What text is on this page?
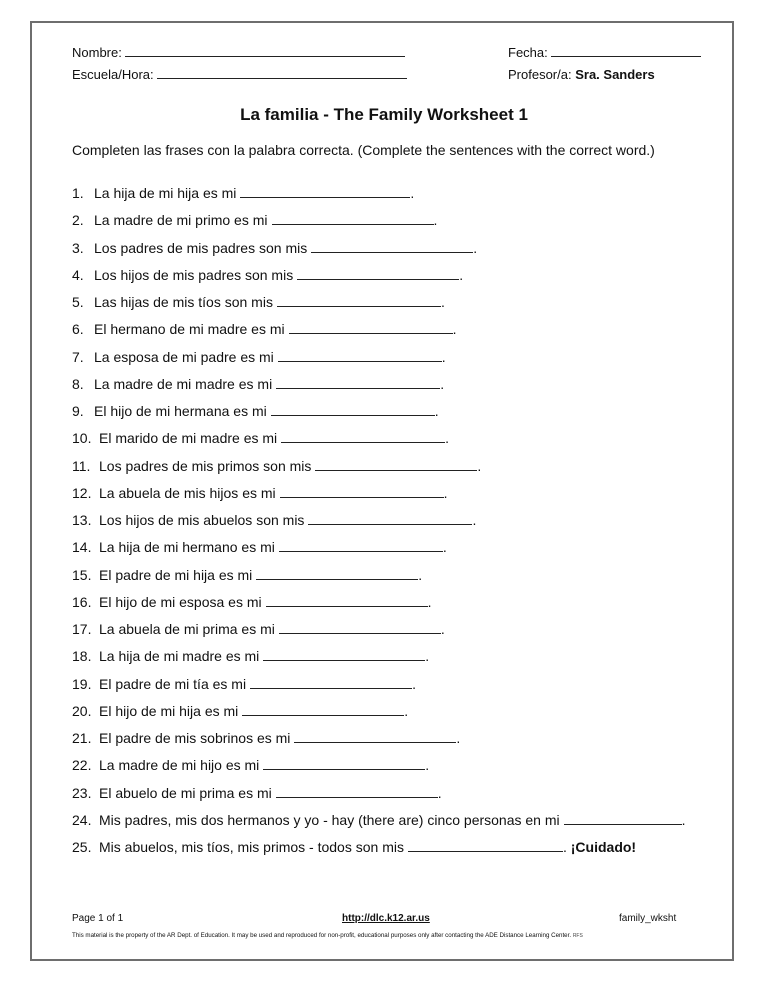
Nombre:	Fecha:
Escuela/Hora:	Profesor/a: Sra. Sanders
La familia - The Family Worksheet 1
Completen las frases con la palabra correcta. (Complete the sentences with the correct word.)
1. La hija de mi hija es mi	.
2. La madre de mi primo es mi	.
3. Los padres de mis padres son mis	.
4. Los hijos de mis padres son mis	.
5. Las hijas de mis tíos son mis	.
6. El hermano de mi madre es mi	.
7. La esposa de mi padre es mi	.
8. La madre de mi madre es mi	.
9. El hijo de mi hermana es mi	.
10. El marido de mi madre es mi	.
11. Los padres de mis primos son mis	.
12. La abuela de mis hijos es mi	.
13. Los hijos de mis abuelos son mis	.
14. La hija de mi hermano es mi	.
15. El padre de mi hija es mi	.
16. El hijo de mi esposa es mi	.
17. La abuela de mi prima es mi	.
18. La hija de mi madre es mi	.
19. El padre de mi tía es mi	.
20. El hijo de mi hija es mi	.
21. El padre de mis sobrinos es mi	.
22. La madre de mi hijo es mi	.
23. El abuelo de mi prima es mi	.
24. Mis padres, mis dos hermanos y yo - hay (there are) cinco personas en mi	.
25. Mis abuelos, mis tíos, mis primos - todos son mis	. ¡Cuidado!
Page 1 of 1	http://dlc.k12.ar.us	family_wksht
This material is the property of the AR Dept. of Education. It may be used and reproduced for non-profit, educational purposes only after contacting the ADE Distance Learning Center. RFS
